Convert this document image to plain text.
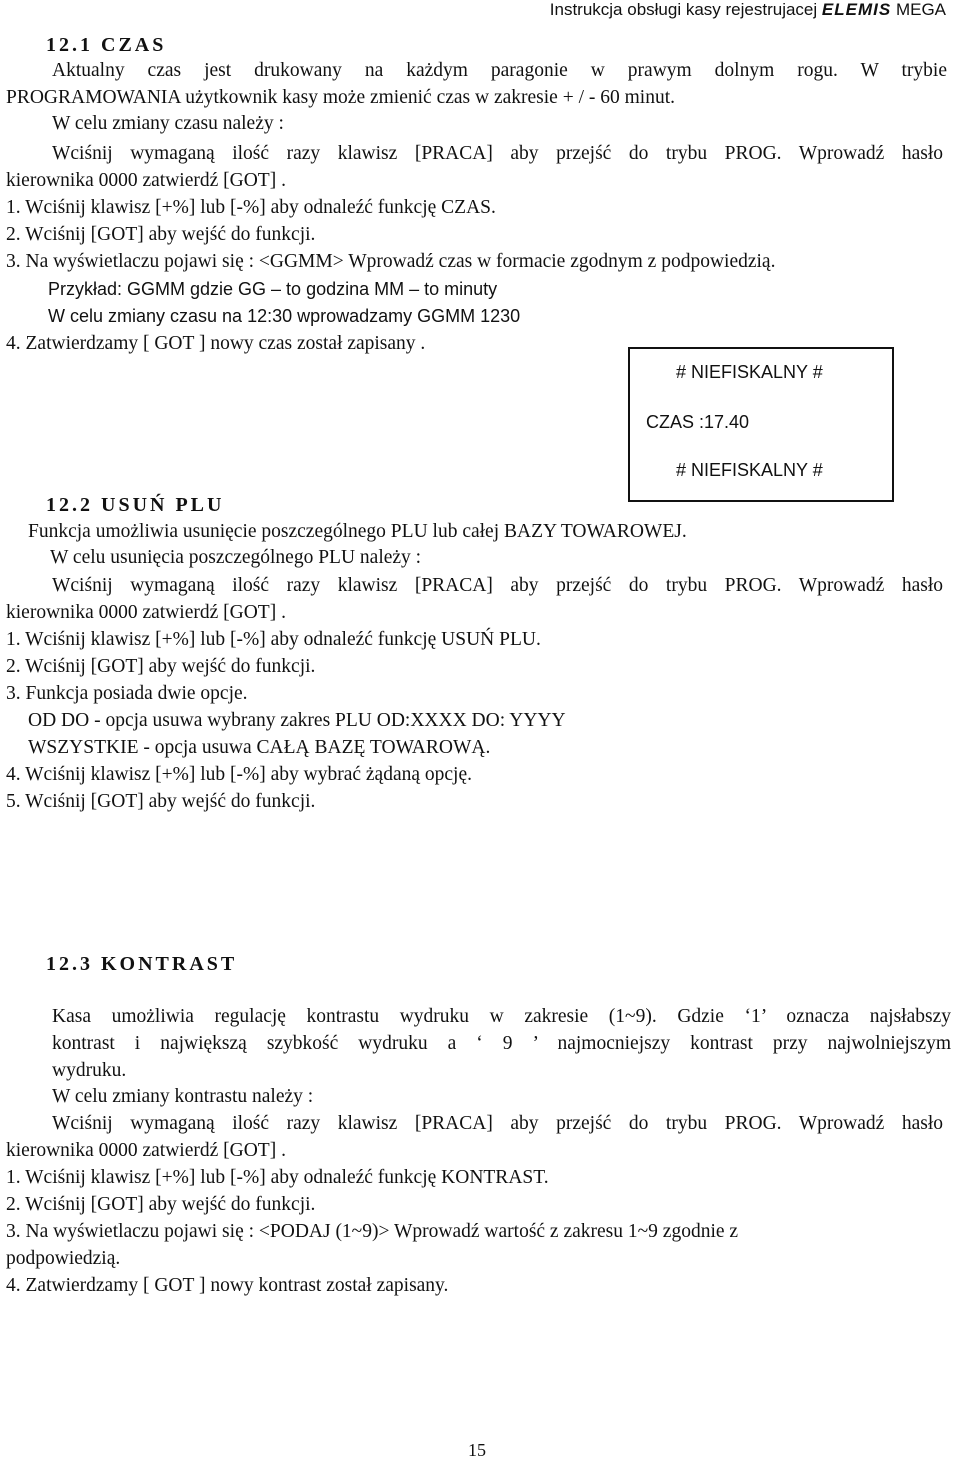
Instrukcja obsługi kasy rejestrujacej ELEMIS MEGA
12.1 CZAS
Aktualny czas jest drukowany na każdym paragonie w prawym dolnym rogu. W trybie
PROGRAMOWANIA użytkownik kasy może zmienić czas w zakresie + / - 60 minut.
W celu zmiany czasu należy :
Wciśnij wymaganą ilość razy klawisz [PRACA] aby przejść do trybu PROG. Wprowadź hasło
kierownika 0000 zatwierdź [GOT] .
1. Wciśnij klawisz [+%] lub [-%] aby odnaleźć funkcję CZAS.
2. Wciśnij [GOT] aby wejść do funkcji.
3. Na wyświetlaczu pojawi się : <GGMM> Wprowadź czas w formacie zgodnym z podpowiedzią.
Przykład: GGMM gdzie GG – to godzina MM – to minuty
W celu zmiany czasu na 12:30 wprowadzamy GGMM 1230
4. Zatwierdzamy [ GOT ] nowy czas został zapisany .
# NIEFISKALNY #
CZAS :17.40
# NIEFISKALNY #
12.2 USUŃ PLU
Funkcja umożliwia usunięcie poszczególnego PLU lub całej BAZY TOWAROWEJ.
W celu usunięcia poszczególnego PLU należy :
Wciśnij wymaganą ilość razy klawisz [PRACA] aby przejść do trybu PROG. Wprowadź hasło
kierownika 0000 zatwierdź [GOT] .
1. Wciśnij klawisz [+%] lub [-%] aby odnaleźć funkcję USUŃ PLU.
2. Wciśnij [GOT] aby wejść do funkcji.
3. Funkcja posiada dwie opcje.
OD DO - opcja usuwa wybrany zakres PLU OD:XXXX DO: YYYY
WSZYSTKIE - opcja usuwa CAŁĄ BAZĘ TOWAROWĄ.
4. Wciśnij klawisz [+%] lub [-%] aby wybrać żądaną opcję.
5. Wciśnij [GOT] aby wejść do funkcji.
12.3 KONTRAST
Kasa umożliwia regulację kontrastu wydruku w zakresie (1~9). Gdzie ‘1’ oznacza najsłabszy
kontrast i największą szybkość wydruku a ‘ 9 ’ najmocniejszy kontrast przy najwolniejszym
wydruku.
W celu zmiany kontrastu należy :
Wciśnij wymaganą ilość razy klawisz [PRACA] aby przejść do trybu PROG. Wprowadź hasło
kierownika 0000 zatwierdź [GOT] .
1. Wciśnij klawisz [+%] lub [-%] aby odnaleźć funkcję KONTRAST.
2. Wciśnij [GOT] aby wejść do funkcji.
3. Na wyświetlaczu pojawi się : <PODAJ (1~9)> Wprowadź wartość z zakresu 1~9 zgodnie z
podpowiedzią.
4. Zatwierdzamy [ GOT ] nowy kontrast został zapisany.
15
